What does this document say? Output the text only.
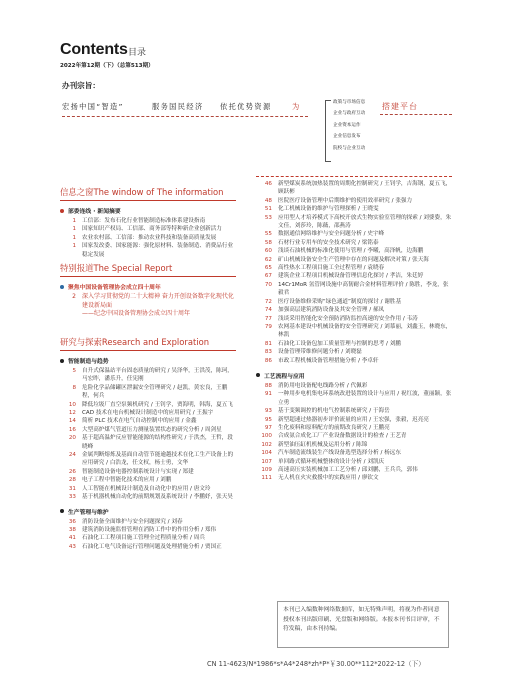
Contents 目录
2022年第12期（下）（总第513期）
办刊宗旨：
宏扬中国“智造”	服务国民经济 依托优势资源	为	政策与市场信息
企业与政府互动
企业资本运作
企业信息发布
院校与企业互动
搭建平台
信息之窗The window of The information
部委连线 · 新闻摘要
1	工信部：发布石化行业智能制造标准体系建设指南
1	国家知识产权局、工信部、商务部等特种新企业创新活力
1	农业农村部、工信部：推动农业科技和装备高质量发展
1	国家发改委、国家能源：强化原材料、装备制造、消费品行业稳定发展
特别报道The Special Report
聚焦中国设备管理协会成立四十周年
2	深入学习贯彻党的二十大精神 奋力开创设备数字化现代化建设新局面
——纪念中国设备管理协会成立四十周年
研究与探索Research and Exploration
智能制造与趋势
5	自升式保温站平台固态质量的研究 / 吴泽华，王洪茂，陈珂，马宏昨，潘乐升，任宪刚
8	危险化学品储罐区泄漏安全管理研究 / 赵凯，黄宏良，王鹏程，何兵
10	降低垃圾厂直空泵频机研究 / 王钊学，贾海明，韩海，夏五飞
12	CAD 技术在电台机械设计制造中的应用研究 / 王振宇
14	简析 PLC 技术在电气自动控制中的应用 / 金鑫
16	大型高炉煤气管道压力测量装置状态的研究分析 / 周剑星
20	基于超高温炉反应智能能源的结构性研究 / 于洪杰，王哲，段晓峰
24	金属判断熔炼及基面自动管节能逾越技术在化工生产设备上的应用研究 / 白浩龙，任文权，杨士勇，文华
26	智能制造设备电器控制系统设计与实现 / 郑建
28	电子工程中智能化技术的应用 / 刘鹏
31	人工智能在机械设计制造及自动化中的应用 / 唐文玲
33	基于机器机械自动化的前期规划及系统设计 / 李鹏妤，张天昊
生产管理与维护
36	消防设备全面维护与安全问题探究 / 刘春
38	建筑消防设施监督管理在消防工作中的作用分析 / 郑伟
41	石油化工工程项目施工管理全过程质量分析 / 周兵
43	石油化工电气设备运行管理问题及处理措施分析 / 贾国正
46	新型煤炭系统加热装置的周期化控制研究 / 王钊学，吉海钢，夏五飞，顾跃彬
48	医院医疗设备管理中后期维护的使用效率研究 / 张强力
51	化工机械设备的维护与管理探析 / 王晓雯
53	应用型人才培养模式下高校开放式生物实验室管理的探索 / 刘婆姿，朱文佳，刘莎玲，陈薇，邵燕涛
55	数据通信网络维护与安全问题分析 / 史宇峰
58	石材行业专用车的安全技术研究 / 梁铭泰
60	浅谈石油机械的标准化使用与管理 / 李曦，高泽帆，边海鹏
62	矿山机械设备安全生产管理中存在的问题及解决对策 / 张天海
65	高性热水工程项目施工全过程管理 / 袁晓春
67	建筑企业工程项目机械设备管理信息化探讨 / 孝洁，朱廷婷
70	14Cr1MoR 氢管网设施中高韧耐合金材料管理评价 / 陈胜，李龙，张毅君
72	医疗设备维修采购“绿色通道”制度的探讨 / 谢胜基
74	加强高层建筑消防设备及其安全管理 / 郝凤
77	浅谈采用智能化安全预防消防监控高速的安全作用 / 韦涛
79	农网基本建设中机械设备的安全管理研究 / 刘慕丽，刘鑫玉，林晓东，林凯
81	石油化工设备包加工质量管理与控制的思考 / 刘鹏
83	设备管理带维修问题分析 / 刘晓磊
86	市政工程机械设备管理措施分析 / 李卓轩
工艺流程与应用
88	消防用电设备配电线路分析 / 代佩彩
91	一种用步电机集电环系统改进装置的设计与应用 / 祝红波，董丽颖，张立勇
93	基于变频调控的机电气控制系统研究 / 于海岳
95	新型超速过热器初步评价流量的应用 / 王宏强，张毅，迟亮亮
97	生化废料和原料配方的前期改良研究 / 王鹏亮
100	合成氨合成化工厂产业设备数据设计的检查 / 王艺青
102	新型油压缸机机械及运用分析 / 陈锦
104	汽车制造流线装生产线设备选型选择分析 / 杨远东
107	单回路式循环机械整体的设计分析 / 刘凯庆
109	高速高压实装机械加工工艺分析 / 邱刘鹏，王兵兵，郭伟
111	无人机在火灾救援中的实践应用 / 廖钦文
本刊已入编数种网络数据库，如无特殊声明，将视为作者同意授权本刊出版印刷、光盘版和网络版。本报本刊书目评审，不符发稿，由本刊持编。
CN 11-4623/N*1986*s*A4*248*zh*P*￥30.00**112*2022-12（下）
